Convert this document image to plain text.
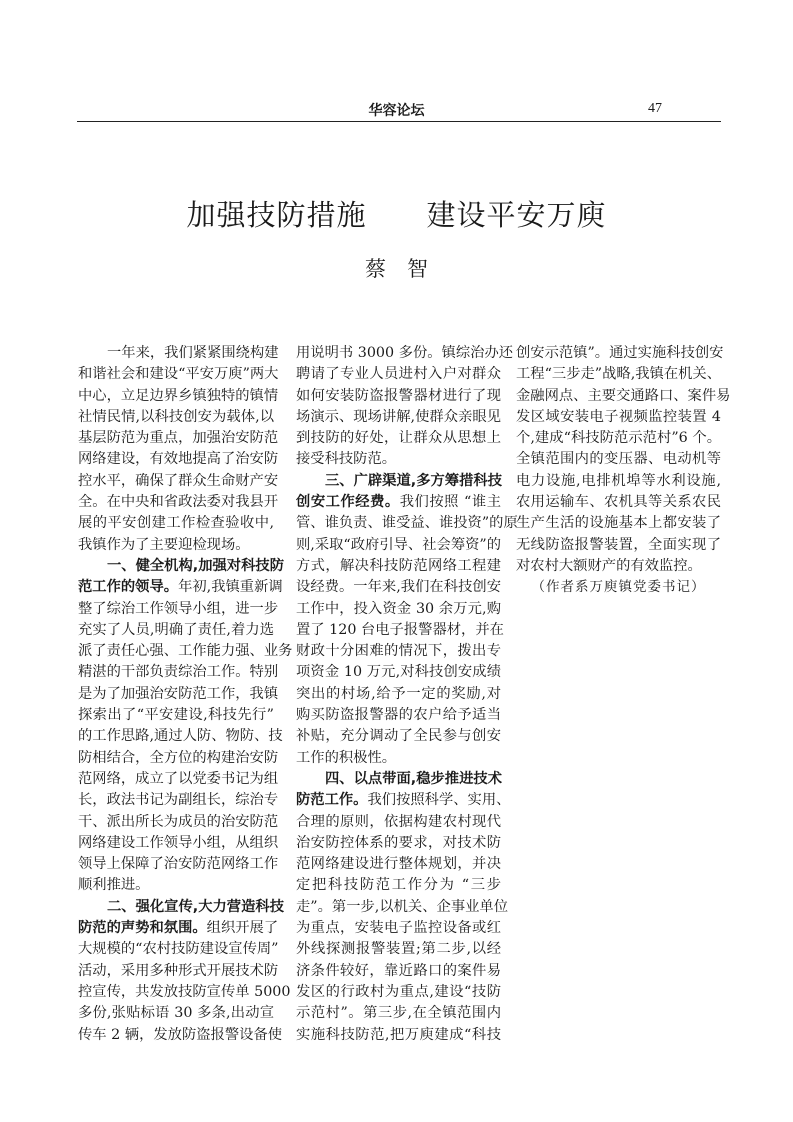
华容论坛	47
加强技防措施　　建设平安万庾
蔡　智
一年来，我们紧紧围绕构建
和谐社会和建设“平安万庾”两大
中心，立足边界乡镇独特的镇情
社情民情,以科技创安为载体,以
基层防范为重点，加强治安防范
网络建设，有效地提高了治安防
控水平，确保了群众生命财产安
全。在中央和省政法委对我县开
展的平安创建工作检查验收中,
我镇作为了主要迎检现场。
一、健全机构,加强对科技防
范工作的领导。年初,我镇重新调
整了综治工作领导小组，进一步
充实了人员,明确了责任,着力选
派了责任心强、工作能力强、业务
精湛的干部负责综治工作。特别
是为了加强治安防范工作，我镇
探索出了“平安建设,科技先行”
的工作思路,通过人防、物防、技
防相结合，全方位的构建治安防
范网络，成立了以党委书记为组
长，政法书记为副组长，综治专
干、派出所长为成员的治安防范
网络建设工作领导小组，从组织
领导上保障了治安防范网络工作
顺利推进。
二、强化宣传,大力营造科技
防范的声势和氛围。组织开展了
大规模的“农村技防建设宣传周”
活动，采用多种形式开展技术防
控宣传，共发放技防宣传单 5000
多份,张贴标语 30 多条,出动宣
传车 2 辆，发放防盗报警设备使
用说明书 3000 多份。镇综治办还
聘请了专业人员进村入户对群众
如何安装防盗报警器材进行了现
场演示、现场讲解,使群众亲眼见
到技防的好处，让群众从思想上
接受科技防范。
三、广辟渠道,多方筹措科技
创安工作经费。我们按照 “谁主
管、谁负责、谁受益、谁投资”的原
则,采取“政府引导、社会筹资”的
方式，解决科技防范网络工程建
设经费。一年来,我们在科技创安
工作中，投入资金 30 余万元,购
置了 120 台电子报警器材，并在
财政十分困难的情况下，拨出专
项资金 10 万元,对科技创安成绩
突出的村场,给予一定的奖励,对
购买防盗报警器的农户给予适当
补贴，充分调动了全民参与创安
工作的积极性。
四、以点带面,稳步推进技术
防范工作。我们按照科学、实用、
合理的原则，依据构建农村现代
治安防控体系的要求，对技术防
范网络建设进行整体规划，并决
定把科技防范工作分为 “三步
走”。第一步,以机关、企事业单位
为重点，安装电子监控设备或红
外线探测报警装置;第二步,以经
济条件较好，靠近路口的案件易
发区的行政村为重点,建设“技防
示范村”。第三步,在全镇范围内
实施科技防范,把万庾建成“科技
创安示范镇”。通过实施科技创安
工程“三步走”战略,我镇在机关、
金融网点、主要交通路口、案件易
发区域安装电子视频监控装置 4
个,建成“科技防范示范村”6 个。
全镇范围内的变压器、电动机等
电力设施,电排机埠等水利设施,
农用运输车、农机具等关系农民
生产生活的设施基本上都安装了
无线防盗报警装置，全面实现了
对农村大额财产的有效监控。
（作者系万庾镇党委书记）
